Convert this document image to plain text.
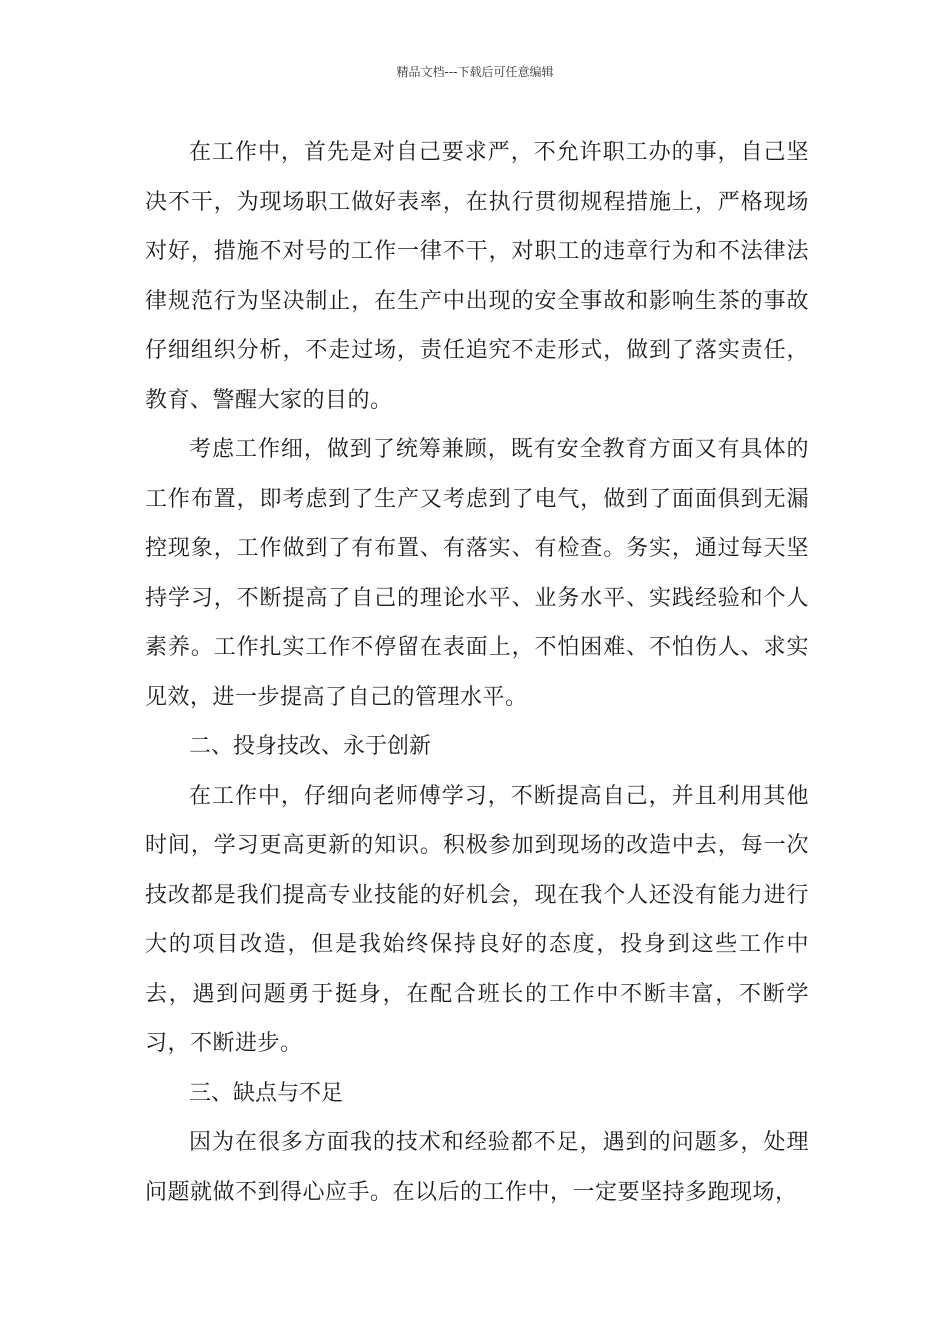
精品文档---下载后可任意编辑

在工作中，首先是对自己要求严，不允许职工办的事，自己坚决不干，为现场职工做好表率，在执行贯彻规程措施上，严格现场对好，措施不对号的工作一律不干，对职工的违章行为和不法律法律规范行为坚决制止，在生产中出现的安全事故和影响生茶的事故仔细组织分析，不走过场，责任追究不走形式，做到了落实责任，教育、警醒大家的目的。

考虑工作细，做到了统筹兼顾，既有安全教育方面又有具体的工作布置，即考虑到了生产又考虑到了电气，做到了面面俱到无漏控现象，工作做到了有布置、有落实、有检查。务实，通过每天坚持学习，不断提高了自己的理论水平、业务水平、实践经验和个人素养。工作扎实工作不停留在表面上，不怕困难、不怕伤人、求实见效，进一步提高了自己的管理水平。

二、投身技改、永于创新

在工作中，仔细向老师傅学习，不断提高自己，并且利用其他时间，学习更高更新的知识。积极参加到现场的改造中去，每一次技改都是我们提高专业技能的好机会，现在我个人还没有能力进行大的项目改造，但是我始终保持良好的态度，投身到这些工作中去，遇到问题勇于挺身，在配合班长的工作中不断丰富，不断学习，不断进步。

三、缺点与不足

因为在很多方面我的技术和经验都不足，遇到的问题多，处理问题就做不到得心应手。在以后的工作中，一定要坚持多跑现场，
